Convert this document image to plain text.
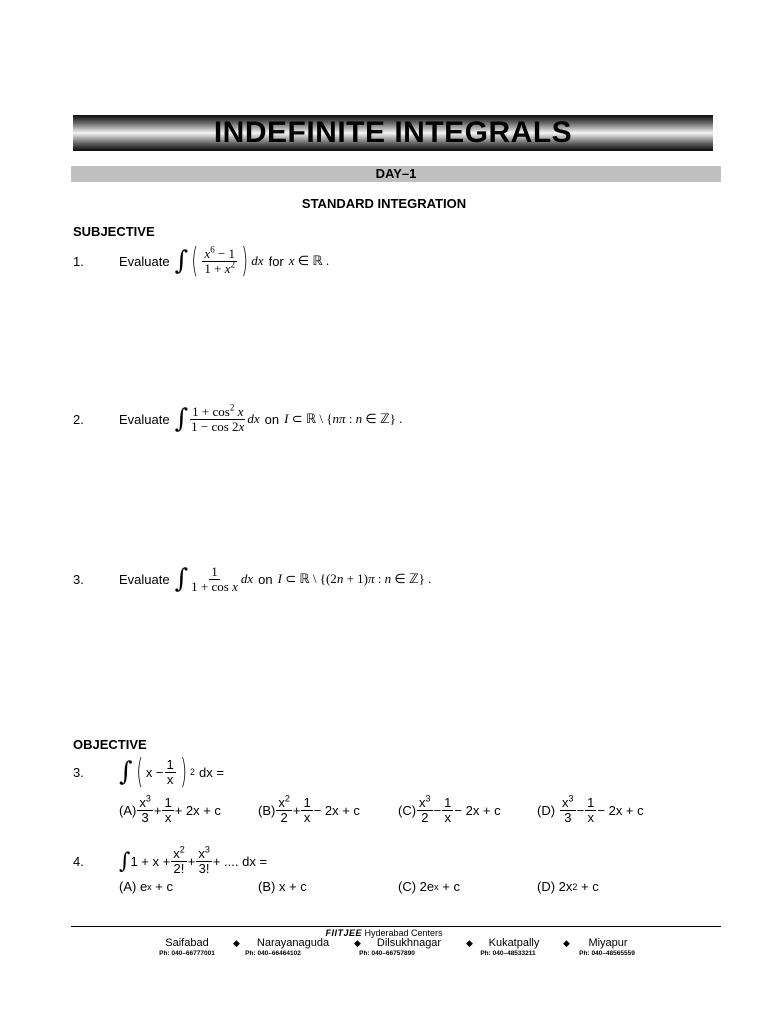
INDEFINITE INTEGRALS
DAY–1
STANDARD INTEGRATION
SUBJECTIVE
1.	Evaluate ∫ ( $\frac{x^6 - 1}{1 + x^2}$ ) dx for x ∈ ℝ .
2.	Evaluate ∫ $\frac{1 + \cos^2 x}{1 - \cos 2x}$ dx on I ⊂ ℝ \ {nπ : n ∈ ℤ} .
3.	Evaluate ∫ $\frac{1}{\text{1 + cos x}}$ dx on I ⊂ ℝ \ {(2n + 1)π : n ∈ ℤ} .
OBJECTIVE
3. ∫ ( $x - \frac{1}{x}$ ) 2 dx =
$(A) \frac{x^3}{3} + \frac{1}{x} + 2x + c$	$(B) \frac{x^2}{2} + \frac{1}{x} - 2x + c$	$(C) \frac{x^3}{2} - \frac{1}{x} - 2x + c$	$(D) \frac{x^3}{3} - \frac{1}{x} - 2x + c$
4. ∫ $1 + x + \frac{x^2}{2!} + \frac{x^3}{3!}$ + .... dx =
(A) e x + c	(B) x + c	(C) 2e x + c	(D) 2x 2 + c
FIITJEE Hyderabad Centers
Saifabad
Ph: 040–66777001
◆	Narayanaguda
Ph: 040–66464102
◆	Dilsukhnagar
Ph: 040–66757890
◆	Kukatpally
Ph: 040–48533211
◆	Miyapur
Ph: 040–48565559
